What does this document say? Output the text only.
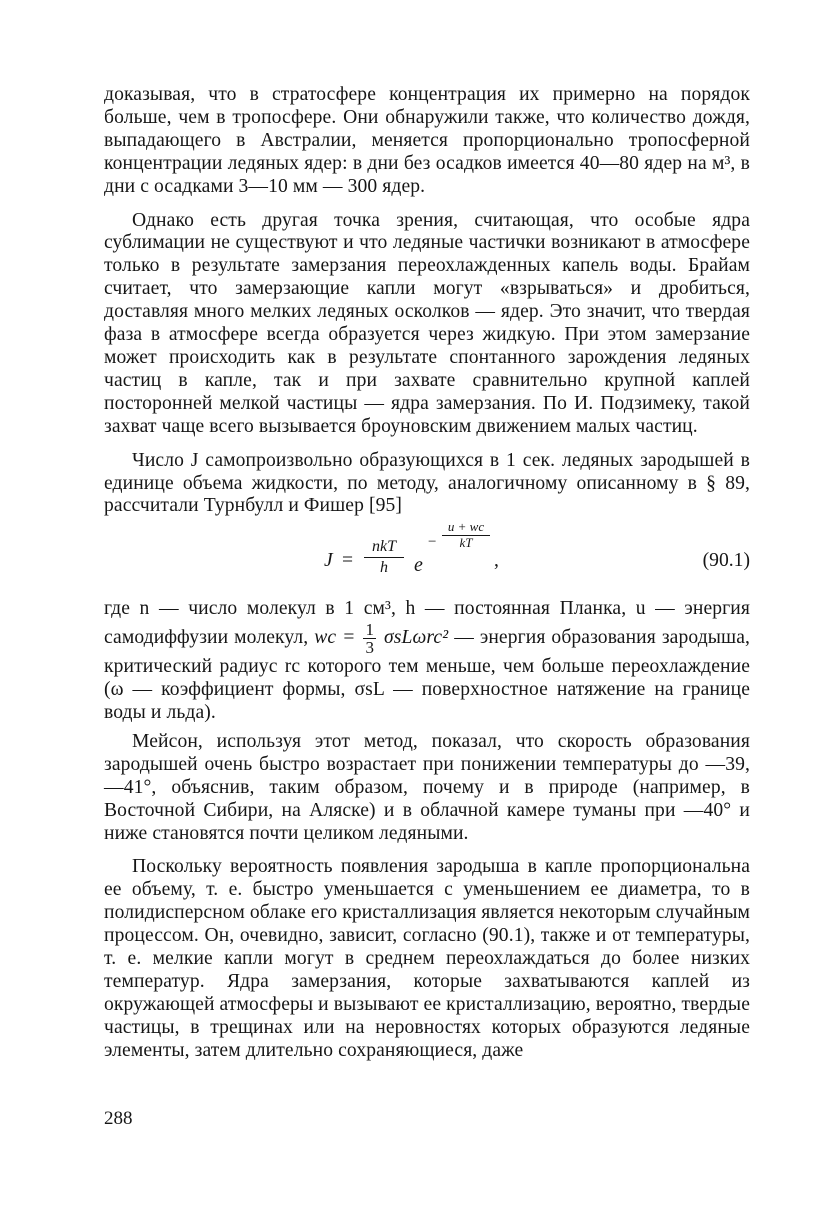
доказывая, что в стратосфере концентрация их примерно на порядок больше, чем в тропосфере. Они обнаружили также, что количество дождя, выпадающего в Австралии, меняется пропорционально тропосферной концентрации ледяных ядер: в дни без осадков имеется 40—80 ядер на м³, в дни с осадками 3—10 мм — 300 ядер.

Однако есть другая точка зрения, считающая, что особые ядра сублимации не существуют и что ледяные частички возникают в атмосфере только в результате замерзания переохлажденных капель воды. Брайам считает, что замерзающие капли могут «взрываться» и дробиться, доставляя много мелких ледяных осколков — ядер. Это значит, что твердая фаза в атмосфере всегда образуется через жидкую. При этом замерзание может происходить как в результате спонтанного зарождения ледяных частиц в капле, так и при захвате сравнительно крупной каплей посторонней мелкой частицы — ядра замерзания. По И. Подзимеку, такой захват чаще всего вызывается броуновским движением малых частиц.

Число J самопроизвольно образующихся в 1 сек. ледяных зародышей в единице объема жидкости, по методу, аналогичному описанному в § 89, рассчитали Турнбулл и Фишер [95]

J =
nkT
h	e
− $\frac{u + wc}{kT}$
,	(90.1)

где n — число молекул в 1 см³, h — постоянная Планка, u — энергия самодиффузии молекул, wc = $\frac{1}{3} \sigma sL\omega rc^2$ — энергия образования зародыша, критический радиус rc которого тем меньше, чем больше переохлаждение (ω — коэффициент формы, σsL — поверхностное натяжение на границе воды и льда).

Мейсон, используя этот метод, показал, что скорость образования зародышей очень быстро возрастает при понижении температуры до —39, —41°, объяснив, таким образом, почему и в природе (например, в Восточной Сибири, на Аляске) и в облачной камере туманы при —40° и ниже становятся почти целиком ледяными.

Поскольку вероятность появления зародыша в капле пропорциональна ее объему, т. е. быстро уменьшается с уменьшением ее диаметра, то в полидисперсном облаке его кристаллизация является некоторым случайным процессом. Он, очевидно, зависит, согласно (90.1), также и от температуры, т. е. мелкие капли могут в среднем переохлаждаться до более низких температур. Ядра замерзания, которые захватываются каплей из окружающей атмосферы и вызывают ее кристаллизацию, вероятно, твердые частицы, в трещинах или на неровностях которых образуются ледяные элементы, затем длительно сохраняющиеся, даже

288
